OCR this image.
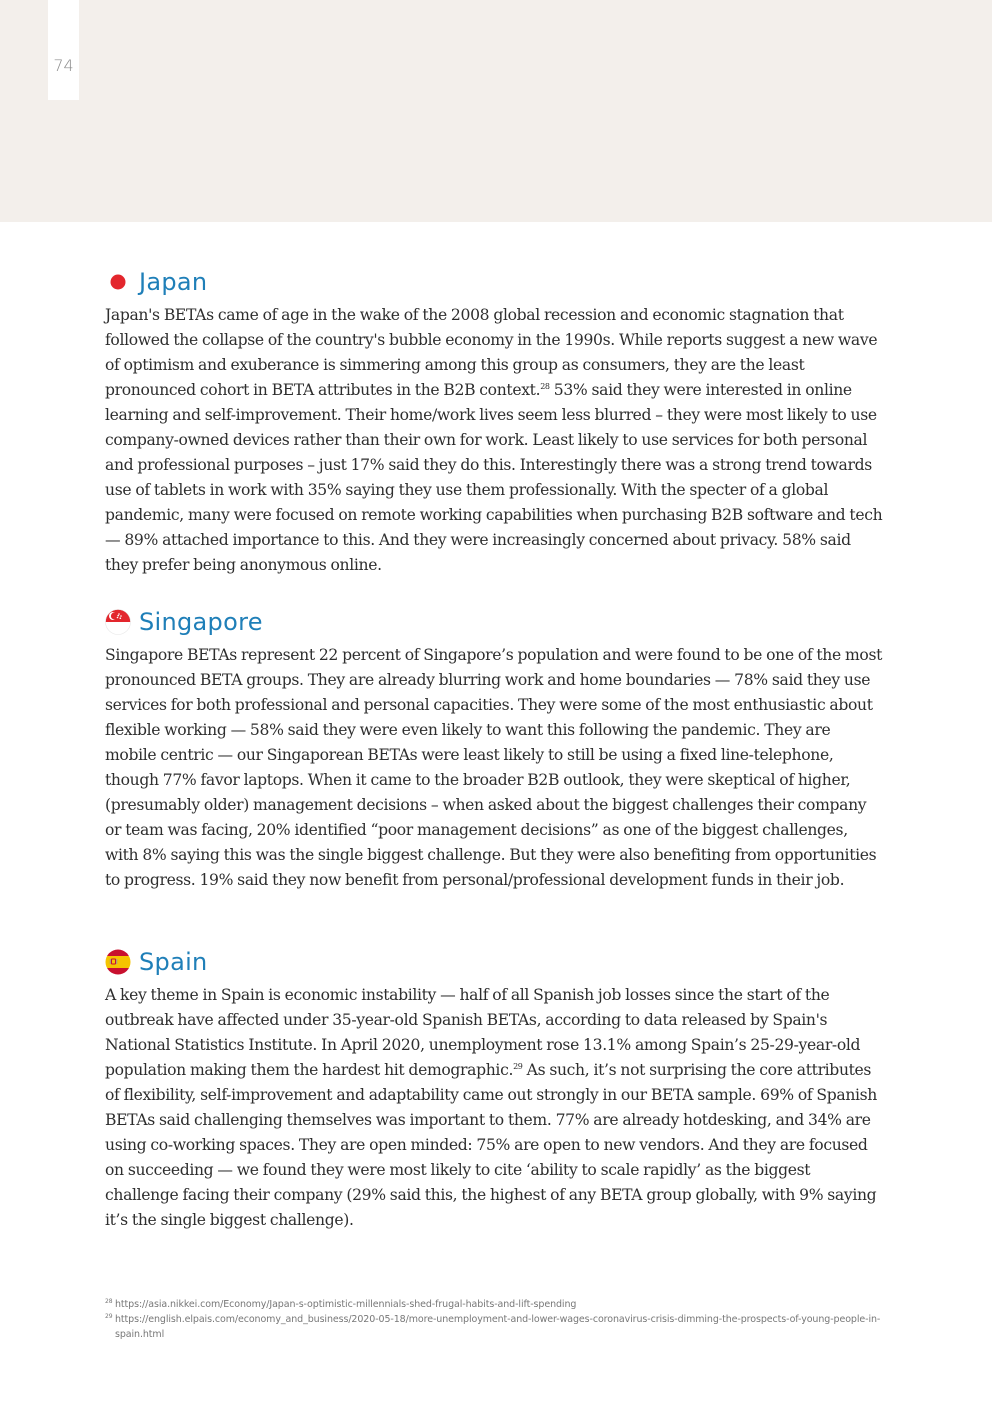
74
Japan

Japan's BETAs came of age in the wake of the 2008 global recession and economic stagnation that followed the collapse of the country's bubble economy in the 1990s. While reports suggest a new wave of optimism and exuberance is simmering among this group as consumers, they are the least pronounced cohort in BETA attributes in the B2B context.$^{28}$ 53% said they were interested in online learning and self-improvement. Their home/work lives seem less blurred – they were most likely to use company-owned devices rather than their own for work. Least likely to use services for both personal and professional purposes – just 17% said they do this. Interestingly there was a strong trend towards use of tablets in work with 35% saying they use them professionally. With the specter of a global pandemic, many were focused on remote working capabilities when purchasing B2B software and tech — 89% attached importance to this. And they were increasingly concerned about privacy. 58% said they prefer being anonymous online.

Singapore

Singapore BETAs represent 22 percent of Singapore’s population and were found to be one of the most pronounced BETA groups. They are already blurring work and home boundaries — 78% said they use services for both professional and personal capacities. They were some of the most enthusiastic about flexible working — 58% said they were even likely to want this following the pandemic. They are mobile centric — our Singaporean BETAs were least likely to still be using a fixed line-telephone, though 77% favor laptops. When it came to the broader B2B outlook, they were skeptical of higher, (presumably older) management decisions – when asked about the biggest challenges their company or team was facing, 20% identified “poor management decisions” as one of the biggest challenges, with 8% saying this was the single biggest challenge. But they were also benefiting from opportunities to progress. 19% said they now benefit from personal/professional development funds in their job.

Spain

A key theme in Spain is economic instability — half of all Spanish job losses since the start of the outbreak have affected under 35-year-old Spanish BETAs, according to data released by Spain's National Statistics Institute. In April 2020, unemployment rose 13.1% among Spain’s 25-29-year-old population making them the hardest hit demographic.$^{29}$ As such, it’s not surprising the core attributes of flexibility, self-improvement and adaptability came out strongly in our BETA sample. 69% of Spanish BETAs said challenging themselves was important to them. 77% are already hotdesking, and 34% are using co-working spaces. They are open minded: 75% are open to new vendors. And they are focused on succeeding — we found they were most likely to cite ‘ability to scale rapidly’ as the biggest challenge facing their company (29% said this, the highest of any BETA group globally, with 9% saying it’s the single biggest challenge).

28 https://asia.nikkei.com/Economy/Japan-s-optimistic-millennials-shed-frugal-habits-and-lift-spending
29 https://english.elpais.com/economy_and_business/2020-05-18/more-unemployment-and-lower-wages-coronavirus-crisis-dimming-the-prospects-of-young-people-in-spain.html
